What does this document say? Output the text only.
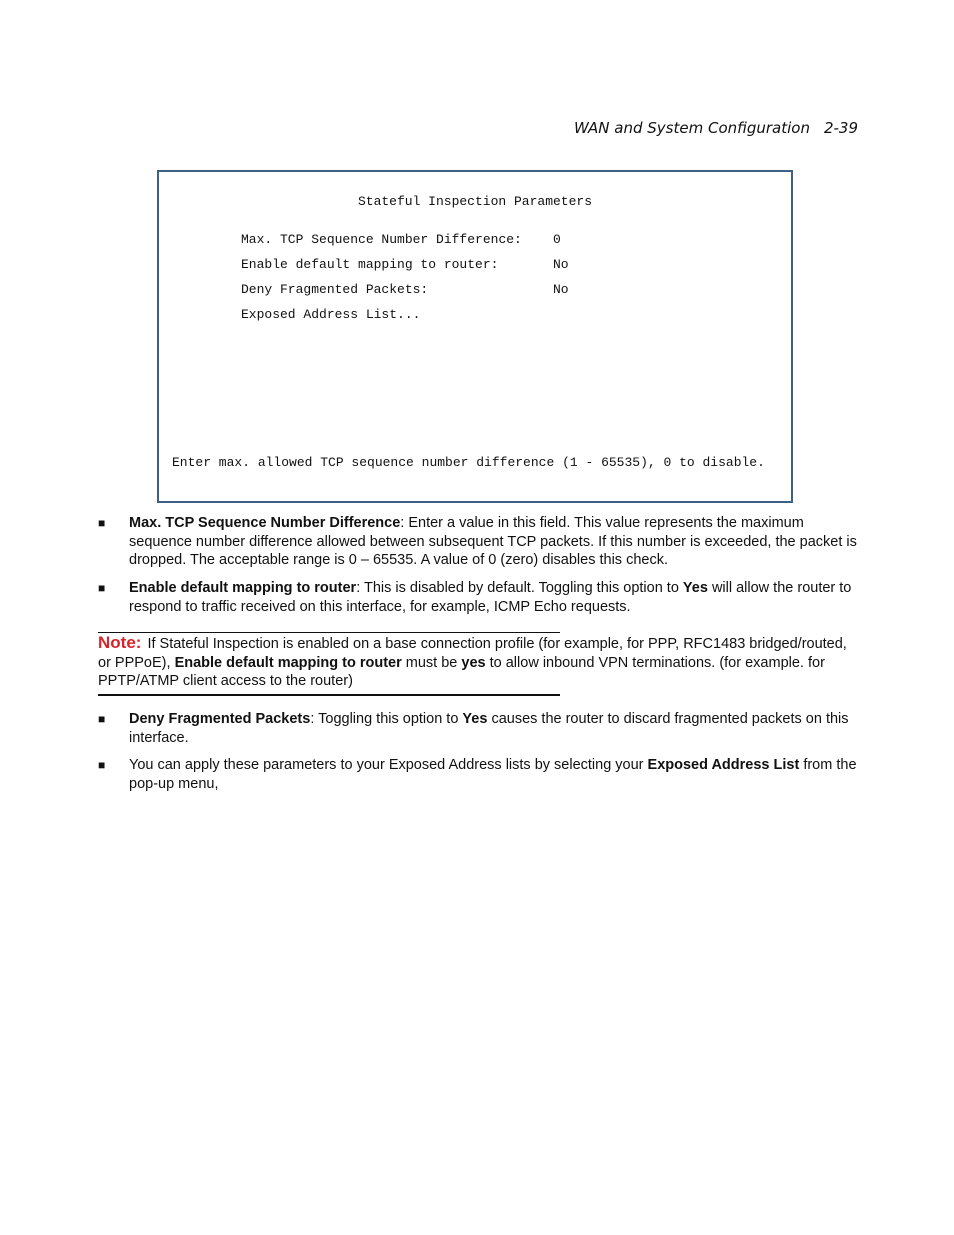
WAN and System Configuration 2-39
Stateful Inspection Parameters
Max. TCP Sequence Number Difference: 0
Enable default mapping to router:	No
Deny Fragmented Packets:	No
Exposed Address List...
Enter max. allowed TCP sequence number difference (1 - 65535), 0 to disable.
■ Max. TCP Sequence Number Difference: Enter a value in this field. This value represents the maximum sequence number difference allowed between subsequent TCP packets. If this number is exceeded, the packet is dropped. The acceptable range is 0 – 65535. A value of 0 (zero) disables this check.
■ Enable default mapping to router: This is disabled by default. Toggling this option to Yes will allow the router to respond to traffic received on this interface, for example, ICMP Echo requests.
Note: If Stateful Inspection is enabled on a base connection profile (for example, for PPP, RFC1483 bridged/routed, or PPPoE), Enable default mapping to router must be yes to allow inbound VPN terminations. (for example. for PPTP/ATMP client access to the router)
■ Deny Fragmented Packets: Toggling this option to Yes causes the router to discard fragmented packets on this interface.
■ You can apply these parameters to your Exposed Address lists by selecting your Exposed Address List from the pop-up menu,
